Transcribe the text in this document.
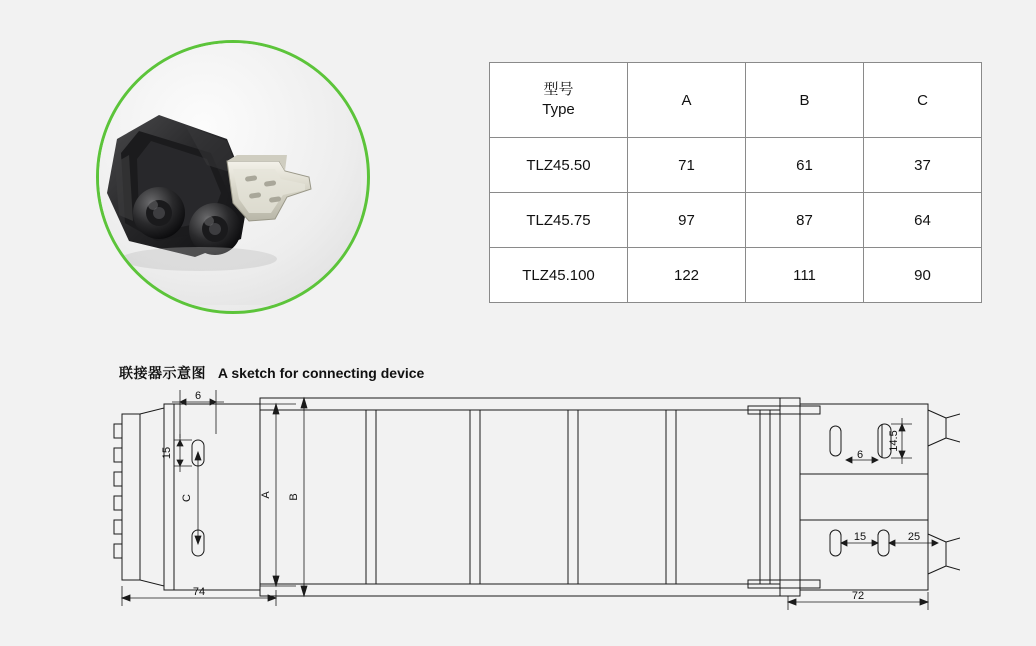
型号
Type	A	B	C
TLZ45.50	71	61	37
TLZ45.75	97	87	64
TLZ45.100	122	111	90
联接器示意图 A sketch for connecting device
6
15
C	A B
74	72
6
14.5
15	25
